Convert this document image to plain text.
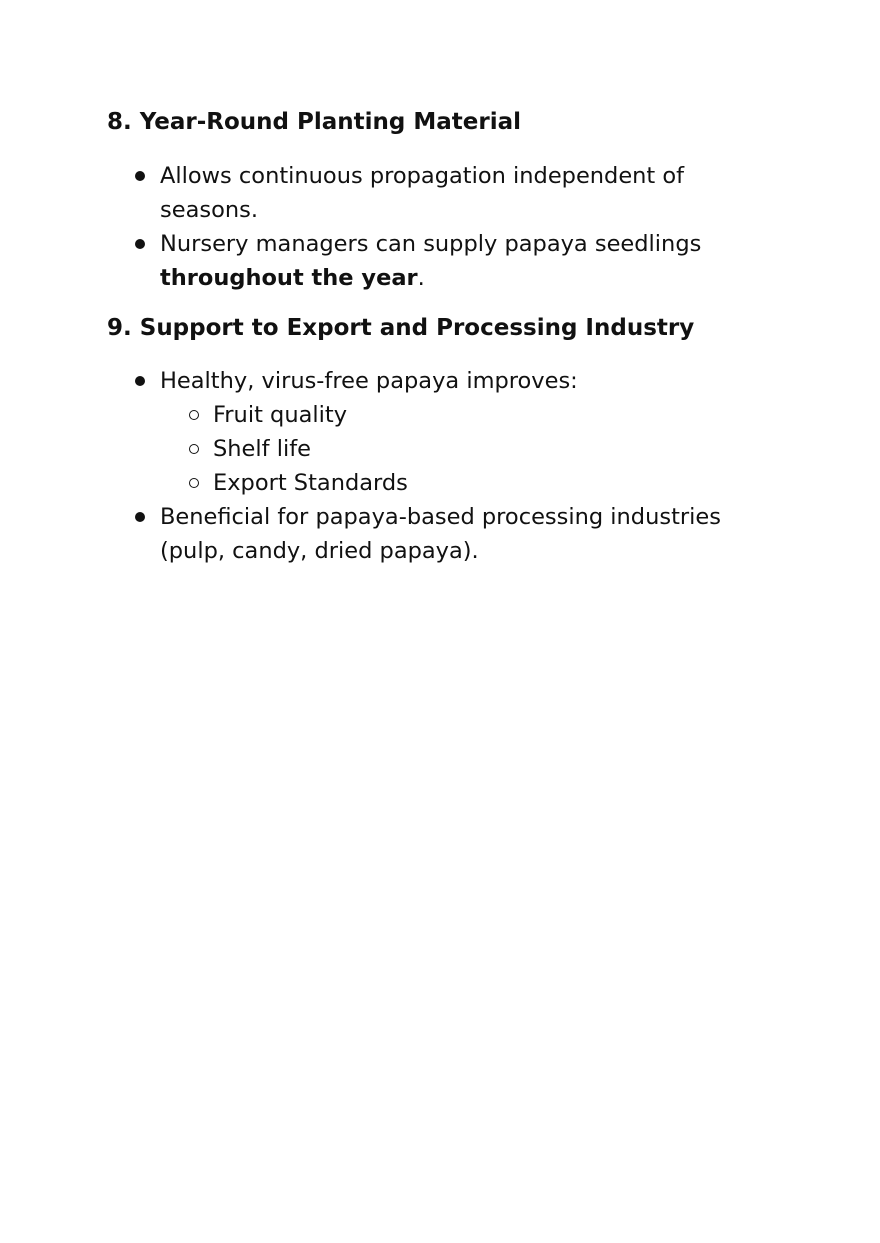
8. Year-Round Planting Material
Allows continuous propagation independent of
seasons.
Nursery managers can supply papaya seedlings
throughout the year.
9. Support to Export and Processing Industry
Healthy, virus-free papaya improves:
Fruit quality
Shelf life
Export Standards
Beneficial for papaya-based processing industries
(pulp, candy, dried papaya).
